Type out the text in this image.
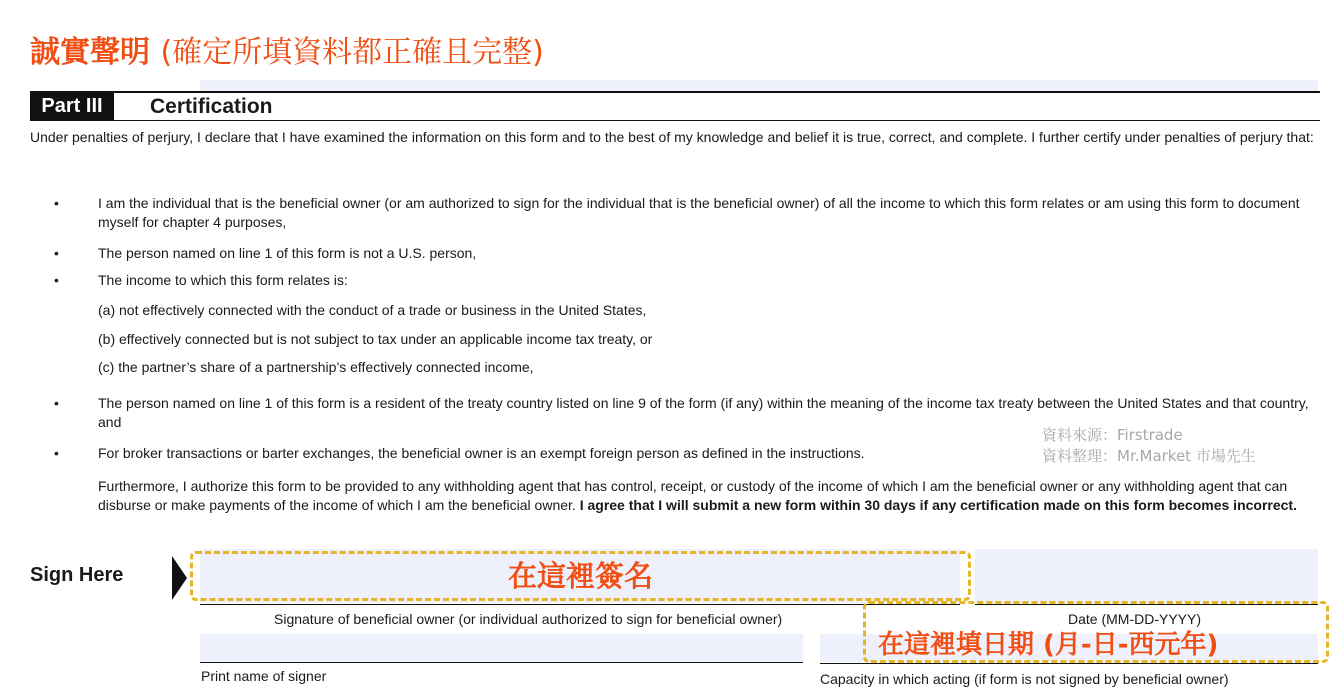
誠實聲明 (確定所填資料都正確且完整)
Part III	Certification
Under penalties of perjury, I declare that I have examined the information on this form and to the best of my knowledge and belief it is true, correct, and complete. I further certify under penalties of perjury that:
•	I am the individual that is the beneficial owner (or am authorized to sign for the individual that is the beneficial owner) of all the income to which this form relates or am using this form to document myself for chapter 4 purposes,
•	The person named on line 1 of this form is not a U.S. person,
•	The income to which this form relates is:
(a) not effectively connected with the conduct of a trade or business in the United States,
(b) effectively connected but is not subject to tax under an applicable income tax treaty, or
(c) the partner’s share of a partnership’s effectively connected income,
•	The person named on line 1 of this form is a resident of the treaty country listed on line 9 of the form (if any) within the meaning of the income tax treaty between the United States and that country, and
•	For broker transactions or barter exchanges, the beneficial owner is an exempt foreign person as defined in the instructions.
資料來源：Firstrade
資料整理：Mr.Market 市場先生
Furthermore, I authorize this form to be provided to any withholding agent that has control, receipt, or custody of the income of which I am the beneficial owner or any withholding agent that can disburse or make payments of the income of which I am the beneficial owner. I agree that I will submit a new form within 30 days if any certification made on this form becomes incorrect.
Sign Here	在這裡簽名
Signature of beneficial owner (or individual authorized to sign for beneficial owner)	Date (MM-DD-YYYY)
在這裡填日期 (月-日-西元年)
Print name of signer	Capacity in which acting (if form is not signed by beneficial owner)
